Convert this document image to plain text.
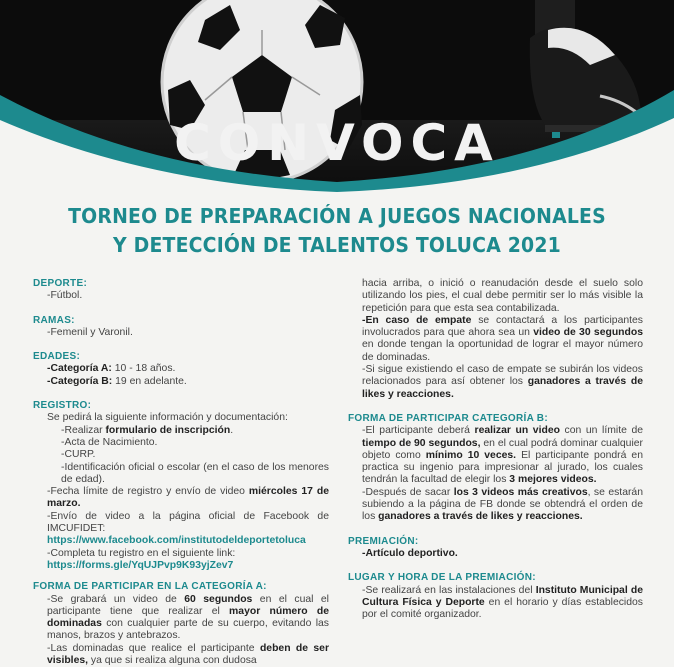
CONVOCA
TORNEO DE PREPARACIÓN A JUEGOS NACIONALES
Y DETECCIÓN DE TALENTOS TOLUCA 2021
DEPORTE:
-Fútbol.
RAMAS:
-Femenil y Varonil.
EDADES:
-Categoría A: 10 - 18 años.
-Categoría B: 19 en adelante.
REGISTRO:
Se pedirá la siguiente información y documentación:
-Realizar formulario de inscripción.
-Acta de Nacimiento.
-CURP.
-Identificación oficial o escolar (en el caso de los menores de edad).
-Fecha límite de registro y envío de video miércoles 17 de marzo.
-Envío de video a la página oficial de Facebook de IMCUFIDET:
https://www.facebook.com/institutodeldeportetoluca
-Completa tu registro en el siguiente link:
https://forms.gle/YqUJPvp9K93yjZev7
FORMA DE PARTICIPAR EN LA CATEGORÍA A:
-Se grabará un video de 60 segundos en el cual el participante tiene que realizar el mayor número de dominadas con cualquier parte de su cuerpo, evitando las manos, brazos y antebrazos.
-Las dominadas que realice el participante deben de ser visibles, ya que si realiza alguna con dudosa
hacia arriba, o inició o reanudación desde el suelo solo utilizando los pies, el cual debe permitir ser lo más visible la repetición para que esta sea contabilizada.
-En caso de empate se contactará a los participantes involucrados para que ahora sea un video de 30 segundos en donde tengan la oportunidad de lograr el mayor número de dominadas.
-Si sigue existiendo el caso de empate se subirán los videos relacionados para así obtener los ganadores a través de likes y reacciones.
FORMA DE PARTICIPAR CATEGORÍA B:
-El participante deberá realizar un video con un límite de tiempo de 90 segundos, en el cual podrá dominar cualquier objeto como mínimo 10 veces. El participante pondrá en practica su ingenio para impresionar al jurado, los cuales tendrán la facultad de elegir los 3 mejores videos.
-Después de sacar los 3 videos más creativos, se estarán subiendo a la página de FB donde se obtendrá el orden de los ganadores a través de likes y reacciones.
PREMIACIÓN:
-Artículo deportivo.
LUGAR Y HORA DE LA PREMIACIÓN:
-Se realizará en las instalaciones del Instituto Municipal de Cultura Física y Deporte en el horario y días establecidos por el comité organizador.
